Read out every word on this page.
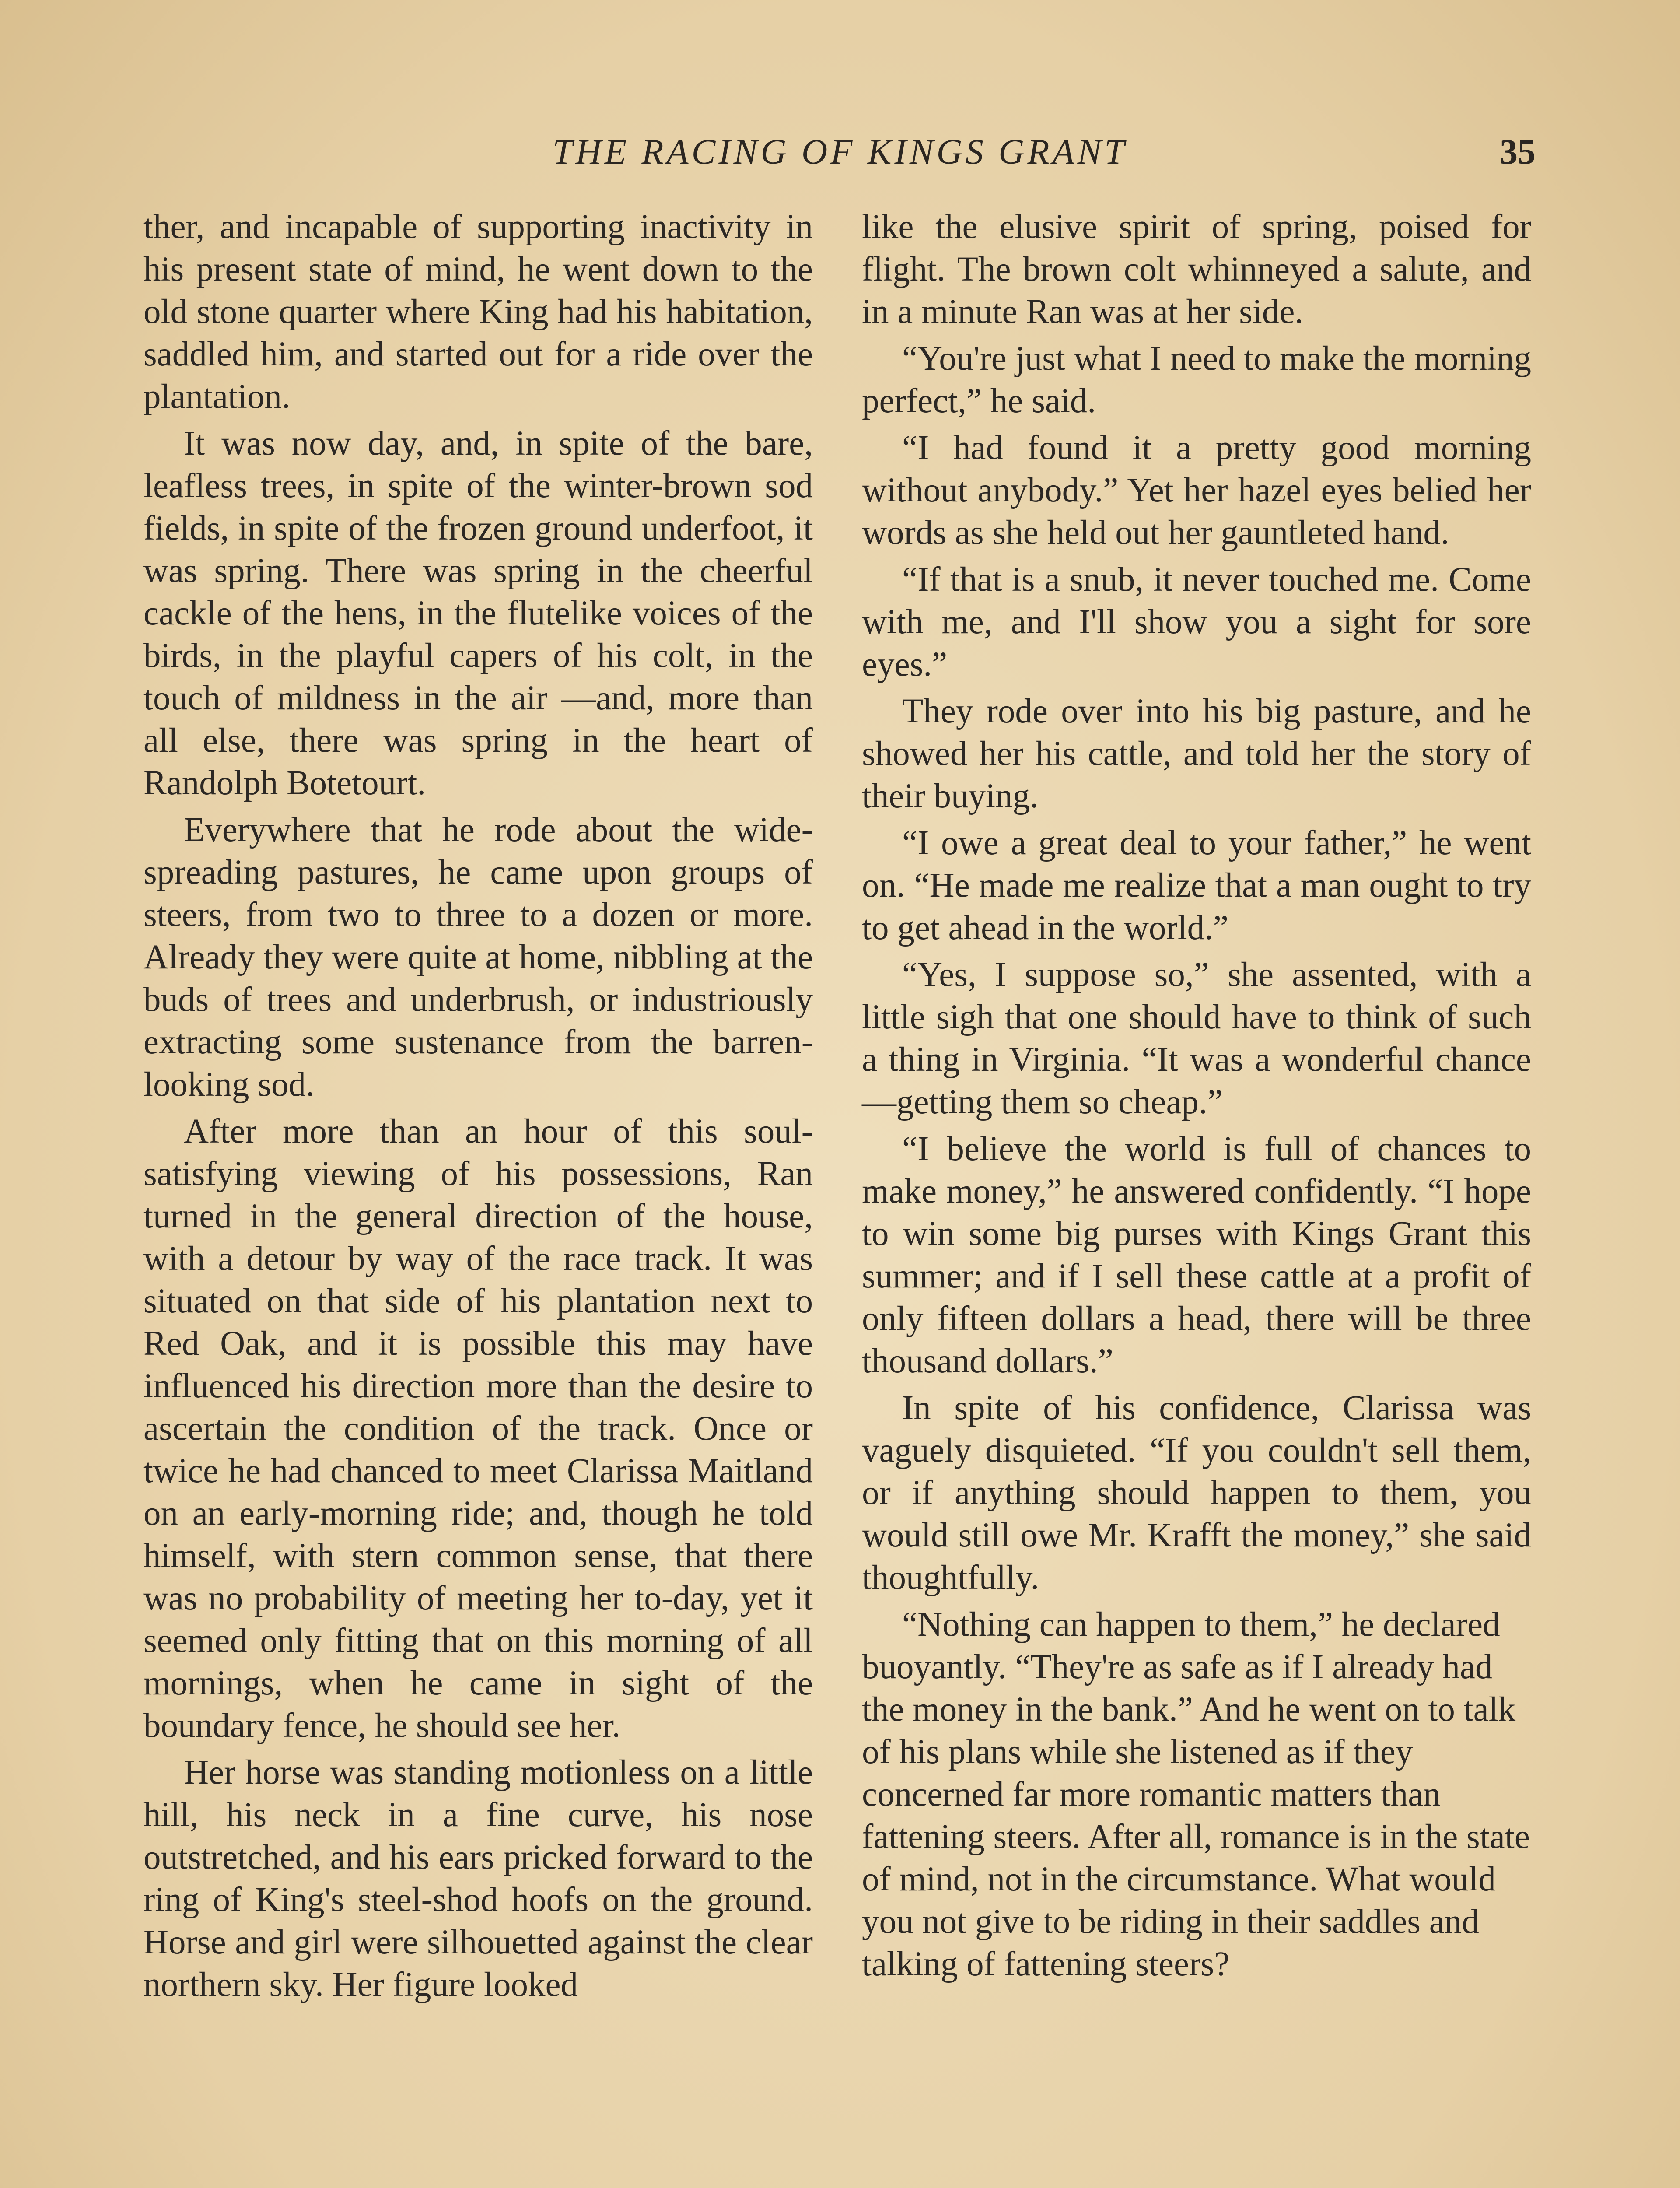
THE RACING OF KINGS GRANT	35

ther, and incapable of supporting inactivity in his present state of mind, he went down to the old stone quarter where King had his habitation, saddled him, and started out for a ride over the plantation.

It was now day, and, in spite of the bare, leafless trees, in spite of the winter-brown sod fields, in spite of the frozen ground underfoot, it was spring. There was spring in the cheerful cackle of the hens, in the flutelike voices of the birds, in the playful capers of his colt, in the touch of mildness in the air —and, more than all else, there was spring in the heart of Randolph Botetourt.

Everywhere that he rode about the wide-spreading pastures, he came upon groups of steers, from two to three to a dozen or more. Already they were quite at home, nibbling at the buds of trees and underbrush, or industriously extracting some sustenance from the barren-looking sod.

After more than an hour of this soul-satisfying viewing of his possessions, Ran turned in the general direction of the house, with a detour by way of the race track. It was situated on that side of his plantation next to Red Oak, and it is possible this may have influenced his direction more than the desire to ascertain the condition of the track. Once or twice he had chanced to meet Clarissa Maitland on an early-morning ride; and, though he told himself, with stern common sense, that there was no probability of meeting her to-day, yet it seemed only fitting that on this morning of all mornings, when he came in sight of the boundary fence, he should see her.

Her horse was standing motionless on a little hill, his neck in a fine curve, his nose outstretched, and his ears pricked forward to the ring of King's steel-shod hoofs on the ground. Horse and girl were silhouetted against the clear northern sky. Her figure looked

like the elusive spirit of spring, poised for flight. The brown colt whinneyed a salute, and in a minute Ran was at her side.

“You're just what I need to make the morning perfect,” he said.

“I had found it a pretty good morning without anybody.” Yet her hazel eyes belied her words as she held out her gauntleted hand.

“If that is a snub, it never touched me. Come with me, and I'll show you a sight for sore eyes.”

They rode over into his big pasture, and he showed her his cattle, and told her the story of their buying.

“I owe a great deal to your father,” he went on. “He made me realize that a man ought to try to get ahead in the world.”

“Yes, I suppose so,” she assented, with a little sigh that one should have to think of such a thing in Virginia. “It was a wonderful chance—getting them so cheap.”

“I believe the world is full of chances to make money,” he answered confidently. “I hope to win some big purses with Kings Grant this summer; and if I sell these cattle at a profit of only fifteen dollars a head, there will be three thousand dollars.”

In spite of his confidence, Clarissa was vaguely disquieted. “If you couldn't sell them, or if anything should happen to them, you would still owe Mr. Krafft the money,” she said thoughtfully.

“Nothing can happen to them,” he declared buoyantly. “They're as safe as if I already had the money in the bank.” And he went on to talk of his plans while she listened as if they concerned far more romantic matters than fattening steers. After all, romance is in the state of mind, not in the circumstance. What would you not give to be riding in their saddles and talking of fattening steers?
